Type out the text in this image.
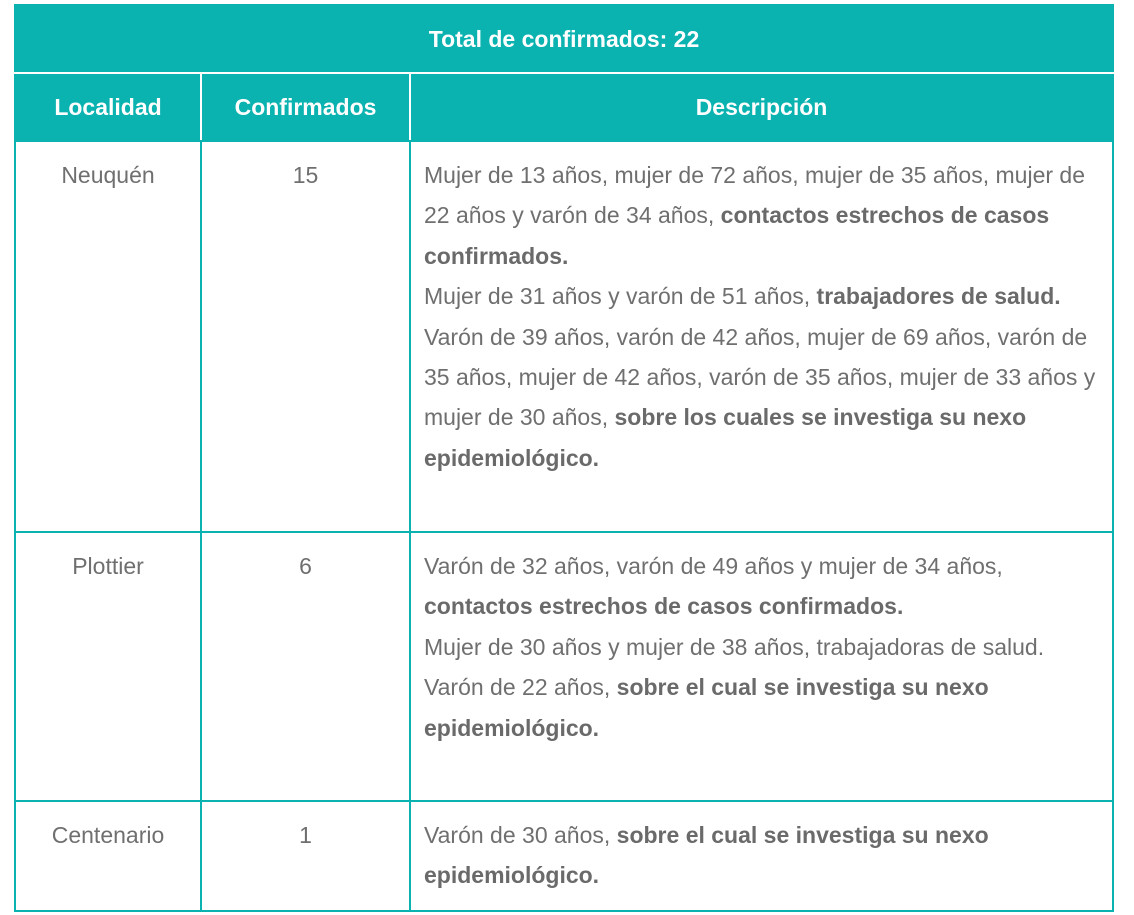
Total de confirmados: 22		
Localidad	Confirmados	Descripción
Neuquén	15	Mujer de 13 años, mujer de 72 años, mujer de 35 años, mujer de 22 años y varón de 34 años, contactos estrechos de casos confirmados.

Mujer de 31 años y varón de 51 años, trabajadores de salud.

Varón de 39 años, varón de 42 años, mujer de 69 años, varón de 35 años, mujer de 42 años, varón de 35 años, mujer de 33 años y mujer de 30 años, sobre los cuales se investiga su nexo epidemiológico.

Plottier	6	Varón de 32 años, varón de 49 años y mujer de 34 años, contactos estrechos de casos confirmados.

Mujer de 30 años y mujer de 38 años, trabajadoras de salud.

Varón de 22 años, sobre el cual se investiga su nexo epidemiológico.

Centenario	1	Varón de 30 años, sobre el cual se investiga su nexo epidemiológico.
